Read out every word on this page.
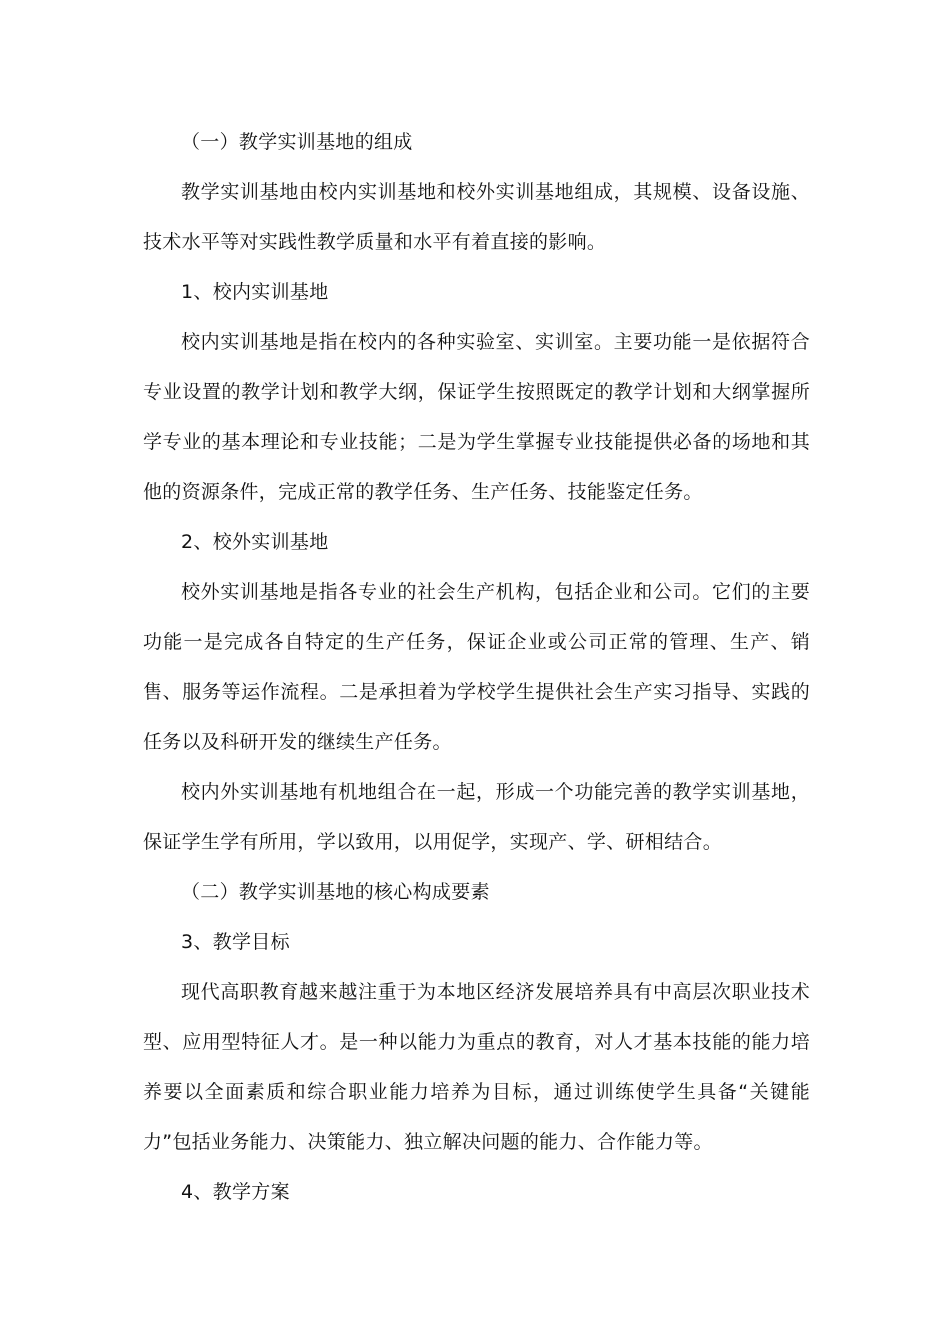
（一）教学实训基地的组成

教学实训基地由校内实训基地和校外实训基地组成，其规模、设备设施、技术水平等对实践性教学质量和水平有着直接的影响。

1、校内实训基地

校内实训基地是指在校内的各种实验室、实训室。主要功能一是依据符合专业设置的教学计划和教学大纲，保证学生按照既定的教学计划和大纲掌握所学专业的基本理论和专业技能；二是为学生掌握专业技能提供必备的场地和其他的资源条件，完成正常的教学任务、生产任务、技能鉴定任务。

2、校外实训基地

校外实训基地是指各专业的社会生产机构，包括企业和公司。它们的主要功能一是完成各自特定的生产任务，保证企业或公司正常的管理、生产、销售、服务等运作流程。二是承担着为学校学生提供社会生产实习指导、实践的任务以及科研开发的继续生产任务。

校内外实训基地有机地组合在一起，形成一个功能完善的教学实训基地，保证学生学有所用，学以致用，以用促学，实现产、学、研相结合。

（二）教学实训基地的核心构成要素

3、教学目标

现代高职教育越来越注重于为本地区经济发展培养具有中高层次职业技术型、应用型特征人才。是一种以能力为重点的教育，对人才基本技能的能力培养要以全面素质和综合职业能力培养为目标，通过训练使学生具备“关键能力”包括业务能力、决策能力、独立解决问题的能力、合作能力等。

4、教学方案
